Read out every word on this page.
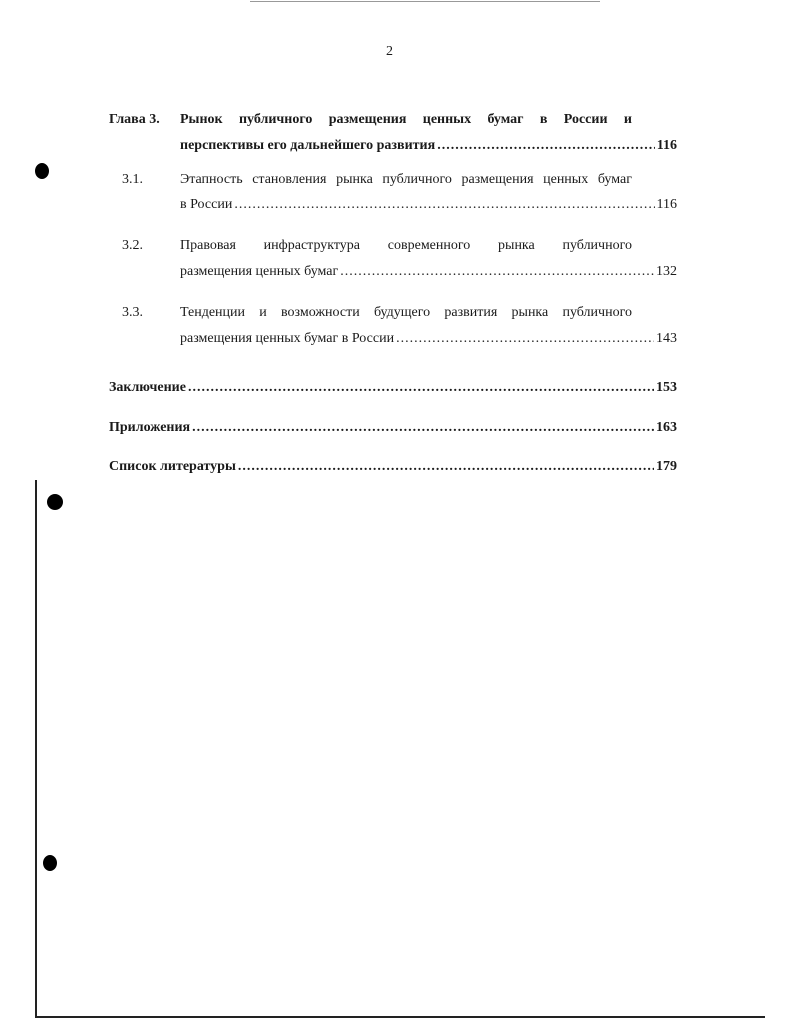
2
Глава 3. Рынок публичного размещения ценных бумаг в России и
перспективы его дальнейшего развития .....	116
3.1.	Этапность становления рынка публичного размещения ценных бумаг
в России .....	116
3.2.	Правовая инфраструктура современного рынка публичного
размещения ценных бумаг .....	132
3.3.	Тенденции и возможности будущего развития рынка публичного
размещения ценных бумаг в России .....	143
Заключение .....	153
Приложения .....	163
Список литературы .....	179
